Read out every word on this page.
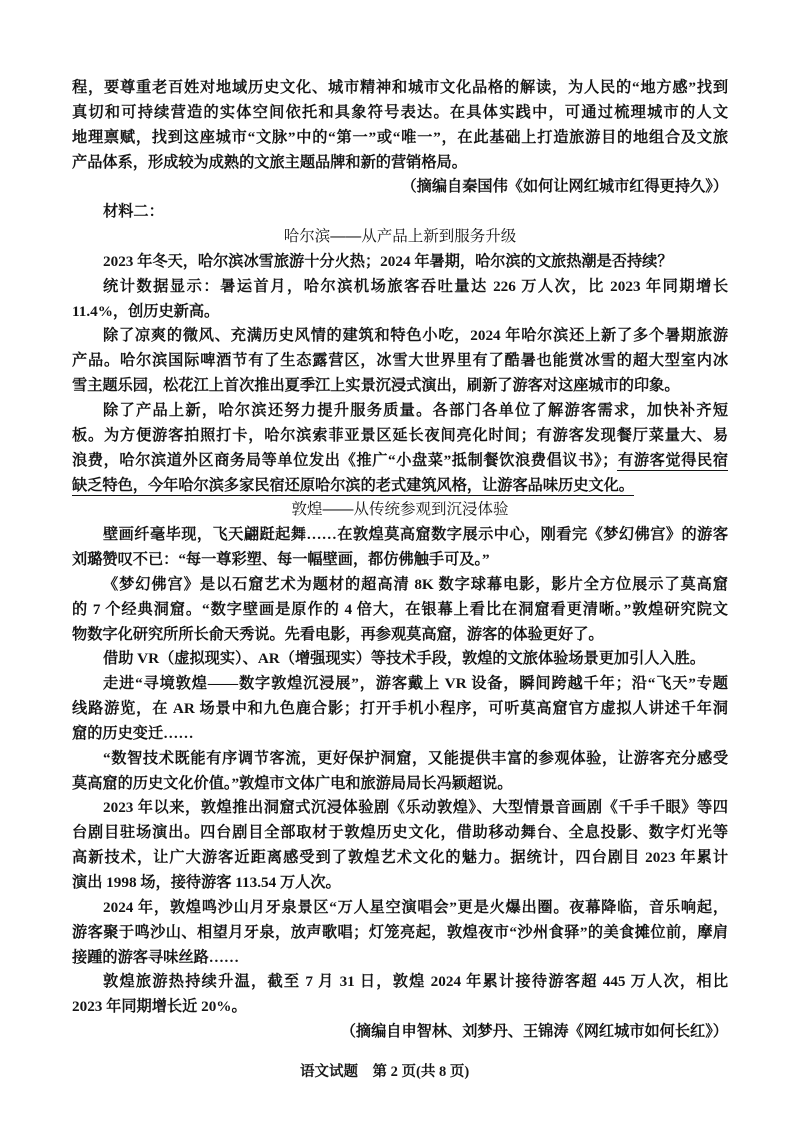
程，要尊重老百姓对地域历史文化、城市精神和城市文化品格的解读，为人民的“地方感”找到
真切和可持续营造的实体空间依托和具象符号表达。在具体实践中，可通过梳理城市的人文
地理禀赋，找到这座城市“文脉”中的“第一”或“唯一”，在此基础上打造旅游目的地组合及文旅
产品体系，形成较为成熟的文旅主题品牌和新的营销格局。
（摘编自秦国伟《如何让网红城市红得更持久》）
材料二：
哈尔滨——从产品上新到服务升级
2023 年冬天，哈尔滨冰雪旅游十分火热；2024 年暑期，哈尔滨的文旅热潮是否持续？
统计数据显示：暑运首月，哈尔滨机场旅客吞吐量达 226 万人次，比 2023 年同期增长
11.4%，创历史新高。
除了凉爽的微风、充满历史风情的建筑和特色小吃，2024 年哈尔滨还上新了多个暑期旅游
产品。哈尔滨国际啤酒节有了生态露营区，冰雪大世界里有了酷暑也能赏冰雪的超大型室内冰
雪主题乐园，松花江上首次推出夏季江上实景沉浸式演出，刷新了游客对这座城市的印象。
除了产品上新，哈尔滨还努力提升服务质量。各部门各单位了解游客需求，加快补齐短
板。为方便游客拍照打卡，哈尔滨索菲亚景区延长夜间亮化时间；有游客发现餐厅菜量大、易
浪费，哈尔滨道外区商务局等单位发出《推广“小盘菜”抵制餐饮浪费倡议书》；有游客觉得民宿
缺乏特色，今年哈尔滨多家民宿还原哈尔滨的老式建筑风格，让游客品味历史文化。
敦煌——从传统参观到沉浸体验
壁画纤毫毕现，飞天翩跹起舞……在敦煌莫高窟数字展示中心，刚看完《梦幻佛宫》的游客
刘璐赞叹不已：“每一尊彩塑、每一幅壁画，都仿佛触手可及。”
《梦幻佛宫》是以石窟艺术为题材的超高清 8K 数字球幕电影，影片全方位展示了莫高窟
的 7 个经典洞窟。“数字壁画是原作的 4 倍大，在银幕上看比在洞窟看更清晰。”敦煌研究院文
物数字化研究所所长俞天秀说。先看电影，再参观莫高窟，游客的体验更好了。
借助 VR（虚拟现实）、AR（增强现实）等技术手段，敦煌的文旅体验场景更加引人入胜。
走进“寻境敦煌——数字敦煌沉浸展”，游客戴上 VR 设备，瞬间跨越千年；沿“飞天”专题
线路游览，在 AR 场景中和九色鹿合影；打开手机小程序，可听莫高窟官方虚拟人讲述千年洞
窟的历史变迁……
“数智技术既能有序调节客流，更好保护洞窟，又能提供丰富的参观体验，让游客充分感受
莫高窟的历史文化价值。”敦煌市文体广电和旅游局局长冯颖超说。
2023 年以来，敦煌推出洞窟式沉浸体验剧《乐动敦煌》、大型情景音画剧《千手千眼》等四
台剧目驻场演出。四台剧目全部取材于敦煌历史文化，借助移动舞台、全息投影、数字灯光等
高新技术，让广大游客近距离感受到了敦煌艺术文化的魅力。据统计，四台剧目 2023 年累计
演出 1998 场，接待游客 113.54 万人次。
2024 年，敦煌鸣沙山月牙泉景区“万人星空演唱会”更是火爆出圈。夜幕降临，音乐响起，
游客聚于鸣沙山、相望月牙泉，放声歌唱；灯笼亮起，敦煌夜市“沙州食驿”的美食摊位前，摩肩
接踵的游客寻味丝路……
敦煌旅游热持续升温，截至 7 月 31 日，敦煌 2024 年累计接待游客超 445 万人次，相比
2023 年同期增长近 20%。
（摘编自申智林、刘梦丹、王锦涛《网红城市如何长红》）
语文试题　第 2 页(共 8 页)
